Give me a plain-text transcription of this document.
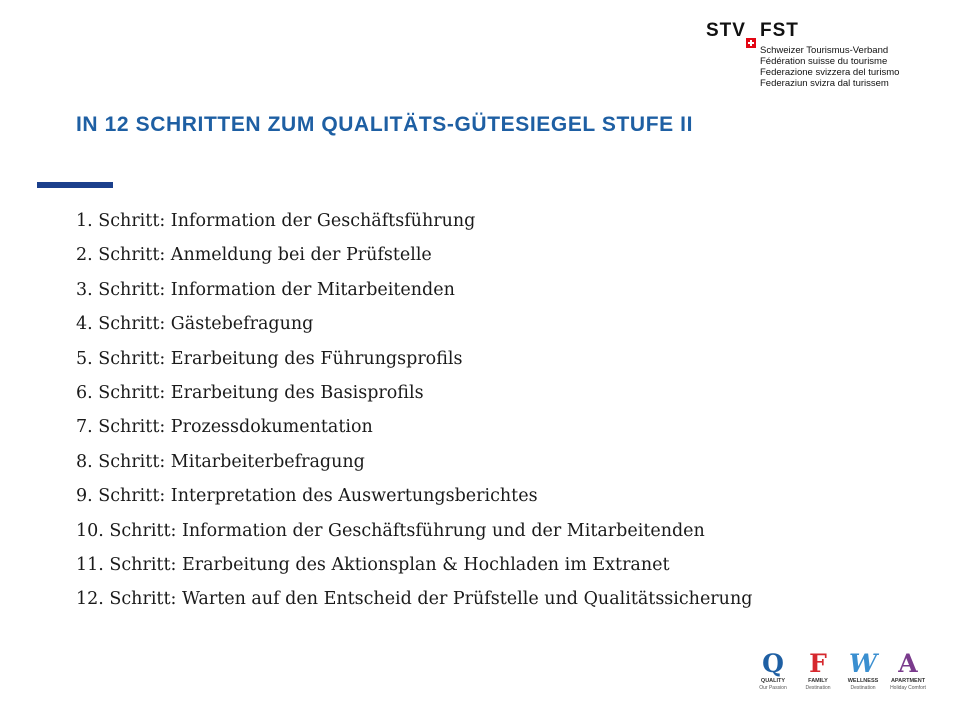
STV FST
Schweizer Tourismus-Verband
Fédération suisse du tourisme
Federazione svizzera del turismo
Federaziun svizra dal turissem
IN 12 SCHRITTEN ZUM QUALITÄTS-GÜTESIEGEL STUFE II
1. Schritt: Information der Geschäftsführung
2. Schritt: Anmeldung bei der Prüfstelle
3. Schritt: Information der Mitarbeitenden
4. Schritt: Gästebefragung
5. Schritt: Erarbeitung des Führungsprofils
6. Schritt: Erarbeitung des Basisprofils
7. Schritt: Prozessdokumentation
8. Schritt: Mitarbeiterbefragung
9. Schritt: Interpretation des Auswertungsberichtes
10. Schritt: Information der Geschäftsführung und der Mitarbeitenden
11. Schritt: Erarbeitung des Aktionsplan & Hochladen im Extranet
12. Schritt: Warten auf den Entscheid der Prüfstelle und Qualitätssicherung
Q
QUALITY
Our Passion
F
FAMILY
Destination
W
WELLNESS
Destination
A
APARTMENT
Holiday Comfort
